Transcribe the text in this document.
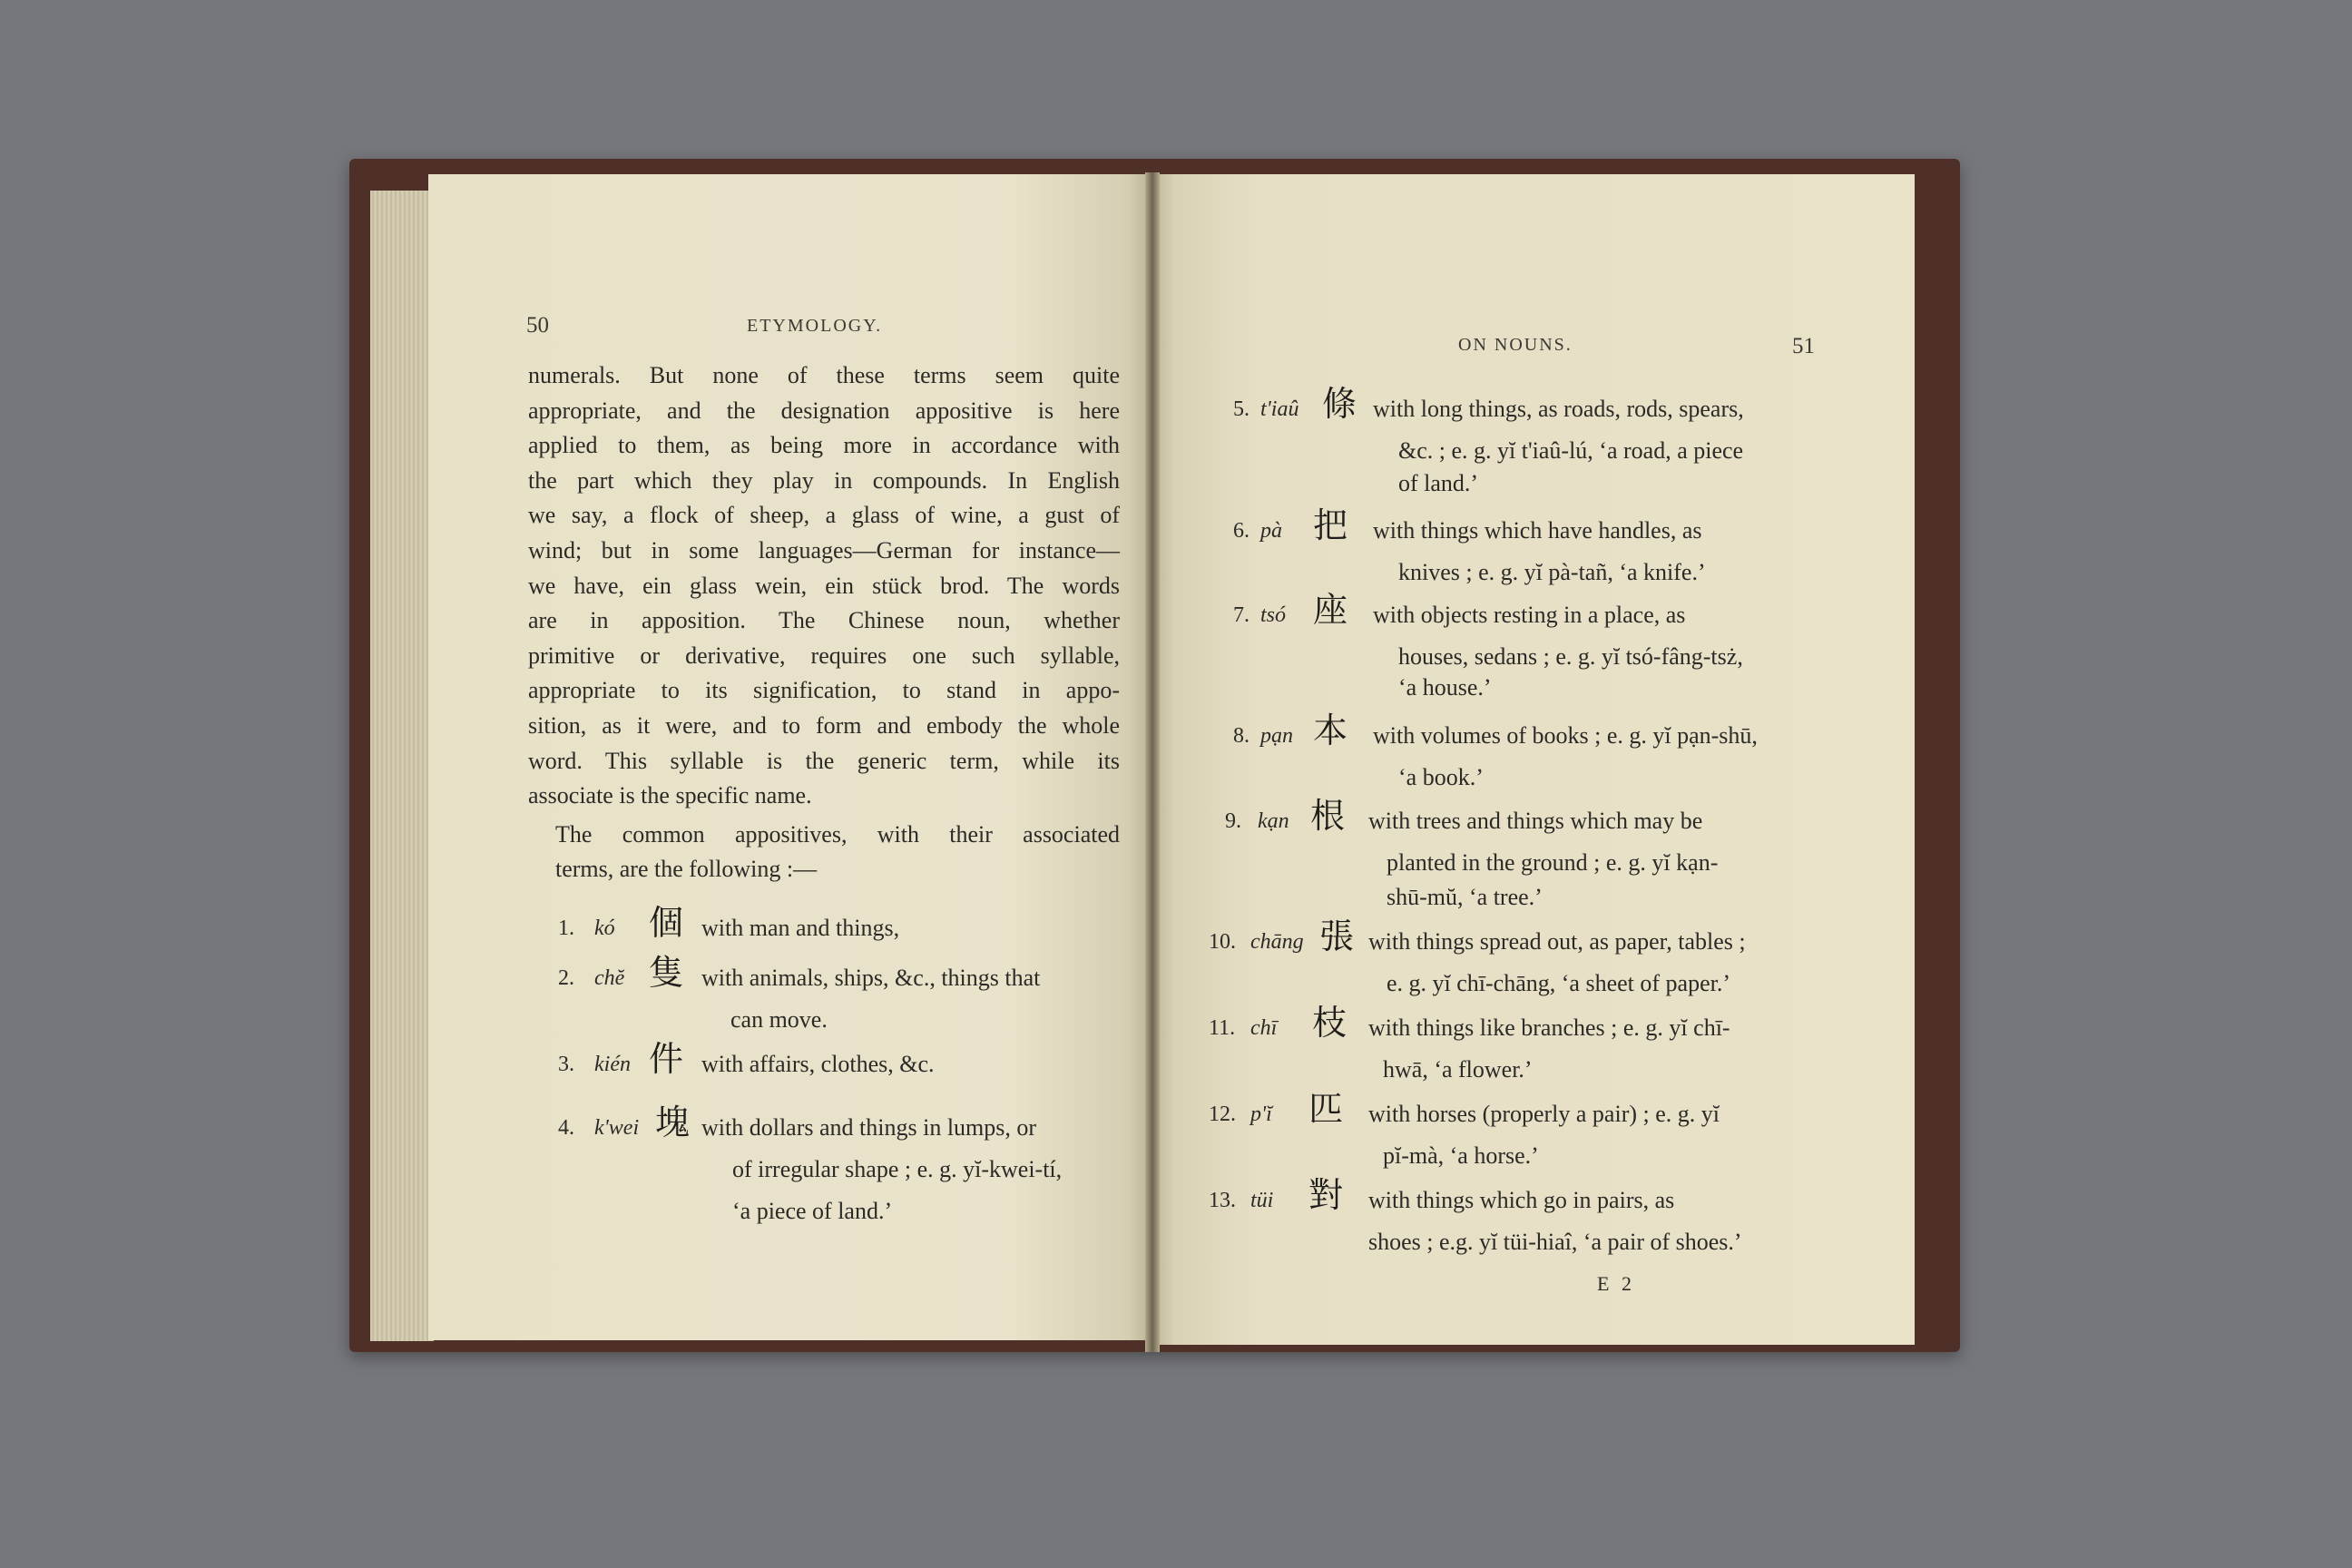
50	ETYMOLOGY.

numerals. But none of these terms seem quite
appropriate, and the designation appositive is here
applied to them, as being more in accordance with
the part which they play in compounds. In English
we say, a flock of sheep, a glass of wine, a gust of
wind; but in some languages—German for instance—
we have, ein glass wein, ein stück brod. The words
are in apposition. The Chinese noun, whether
primitive or derivative, requires one such syllable,
appropriate to its signification, to stand in appo-
sition, as it were, and to form and embody the whole
word. This syllable is the generic term, while its
associate is the specific name.

The common appositives, with their associated
terms, are the following :—

1. kó 個 with man and things,
2. chĕ 隻 with animals, ships, &c., things that
can move.
3. kién 件 with affairs, clothes, &c.
4. k'wei 塊 with dollars and things in lumps, or
of irregular shape ; e. g. yĭ-kwei-tí,
‘a piece of land.’
ON NOUNS.	51
5. t'iaû 條 with long things, as roads, rods, spears,
&c. ; e. g. yĭ t'iaû-lú, ‘a road, a piece
of land.’
6. pà 把 with things which have handles, as
knives ; e. g. yĭ pà-tañ, ‘a knife.’
7. tsó 座 with objects resting in a place, as
houses, sedans ; e. g. yĭ tsó-fâng-tsż,
‘a house.’
8. pạn 本 with volumes of books ; e. g. yĭ pạn-shū,
‘a book.’
9. kạn 根 with trees and things which may be
planted in the ground ; e. g. yĭ kạn-
shū-mŭ, ‘a tree.’
10. chāng 張 with things spread out, as paper, tables ;
e. g. yĭ chī-chāng, ‘a sheet of paper.’
11. chī 枝 with things like branches ; e. g. yĭ chī-
hwā, ‘a flower.’
12. p'ĭ 匹 with horses (properly a pair) ; e. g. yĭ
pĭ-mà, ‘a horse.’
13. tüi 對 with things which go in pairs, as
shoes ; e.g. yĭ tüi-hiaî, ‘a pair of shoes.’
E 2
